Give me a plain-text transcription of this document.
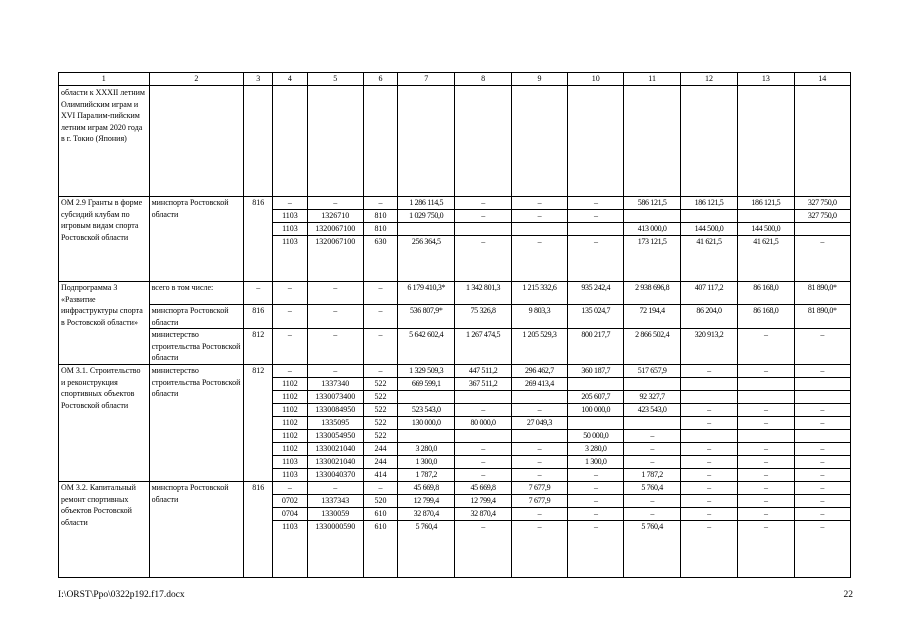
1	2	3	4	5	6	7	8	9	10	11	12	13	14
области к XXXII летним Олимпийским играм и XVI Паралим-пийским летним играм 2020 года в г. Токио (Япония)													
ОМ 2.9 Гранты в форме субсидий клубам по игровым видам спорта Ростовской области	минспорта Ростовской области	816	–	–	–	1 286 114,5	–	–	–	586 121,5	186 121,5	186 121,5	327 750,0
			1103	1326710	810	1 029 750,0	–	–	–				327 750,0
			1103	1320067100	810					413 000,0	144 500,0	144 500,0	
			1103	1320067100	630	256 364,5	–	–	–	173 121,5	41 621,5	41 621,5	–
Подпрограмма 3 «Развитие инфраструктуры спорта в Ростовской области»	всего в том числе:	–	–	–	–	6 179 410,3*	1 342 801,3	1 215 332,6	935 242,4	2 938 696,8	407 117,2	86 168,0	81 890,0*
	минспорта Ростовской области	816	–	–	–	536 807,9*	75 326,8	9 803,3	135 024,7	72 194,4	86 204,0	86 168,0	81 890,0*
	министерство строительства Ростовской области	812	–	–	–	5 642 602,4	1 267 474,5	1 205 529,3	800 217,7	2 866 502,4	320 913,2	–	–
ОМ 3.1. Строительство и реконструкция спортивных объектов Ростовской области	министерство строительства Ростовской области	812	–	–	–	1 329 509,3	447 511,2	296 462,7	360 187,7	517 657,9	–	–	–
			1102	1337340	522	669 599,1	367 511,2	269 413,4					
			1102	1330073400	522				205 607,7	92 327,7			
			1102	1330084950	522	523 543,0	–	–	100 000,0	423 543,0	–	–	–
			1102	1335095	522	130 000,0	80 000,0	27 049,3			–	–	–
			1102	1330054950	522				50 000,0	–			
			1102	1330021040	244	3 280,0	–	–	3 280,0	–	–	–	–
			1103	1330021040	244	1 300,0	–	–	1 300,0	–	–	–	–
			1103	1330040370	414	1 787,2	–	–	–	1 787,2	–	–	–
ОМ 3.2. Капитальный ремонт спортивных объектов Ростовской области	минспорта Ростовской области	816	–	–	–	45 669,8	45 669,8	7 677,9	–	5 760,4	–	–	–
			0702	1337343	520	12 799,4	12 799,4	7 677,9	–	–	–	–	–
			0704	1330059	610	32 870,4	32 870,4	–	–	–	–	–	–
			1103	1330000590	610	5 760,4	–	–	–	5 760,4	–	–	–
I:\ORST\Ppo\0322p192.f17.docx	22
